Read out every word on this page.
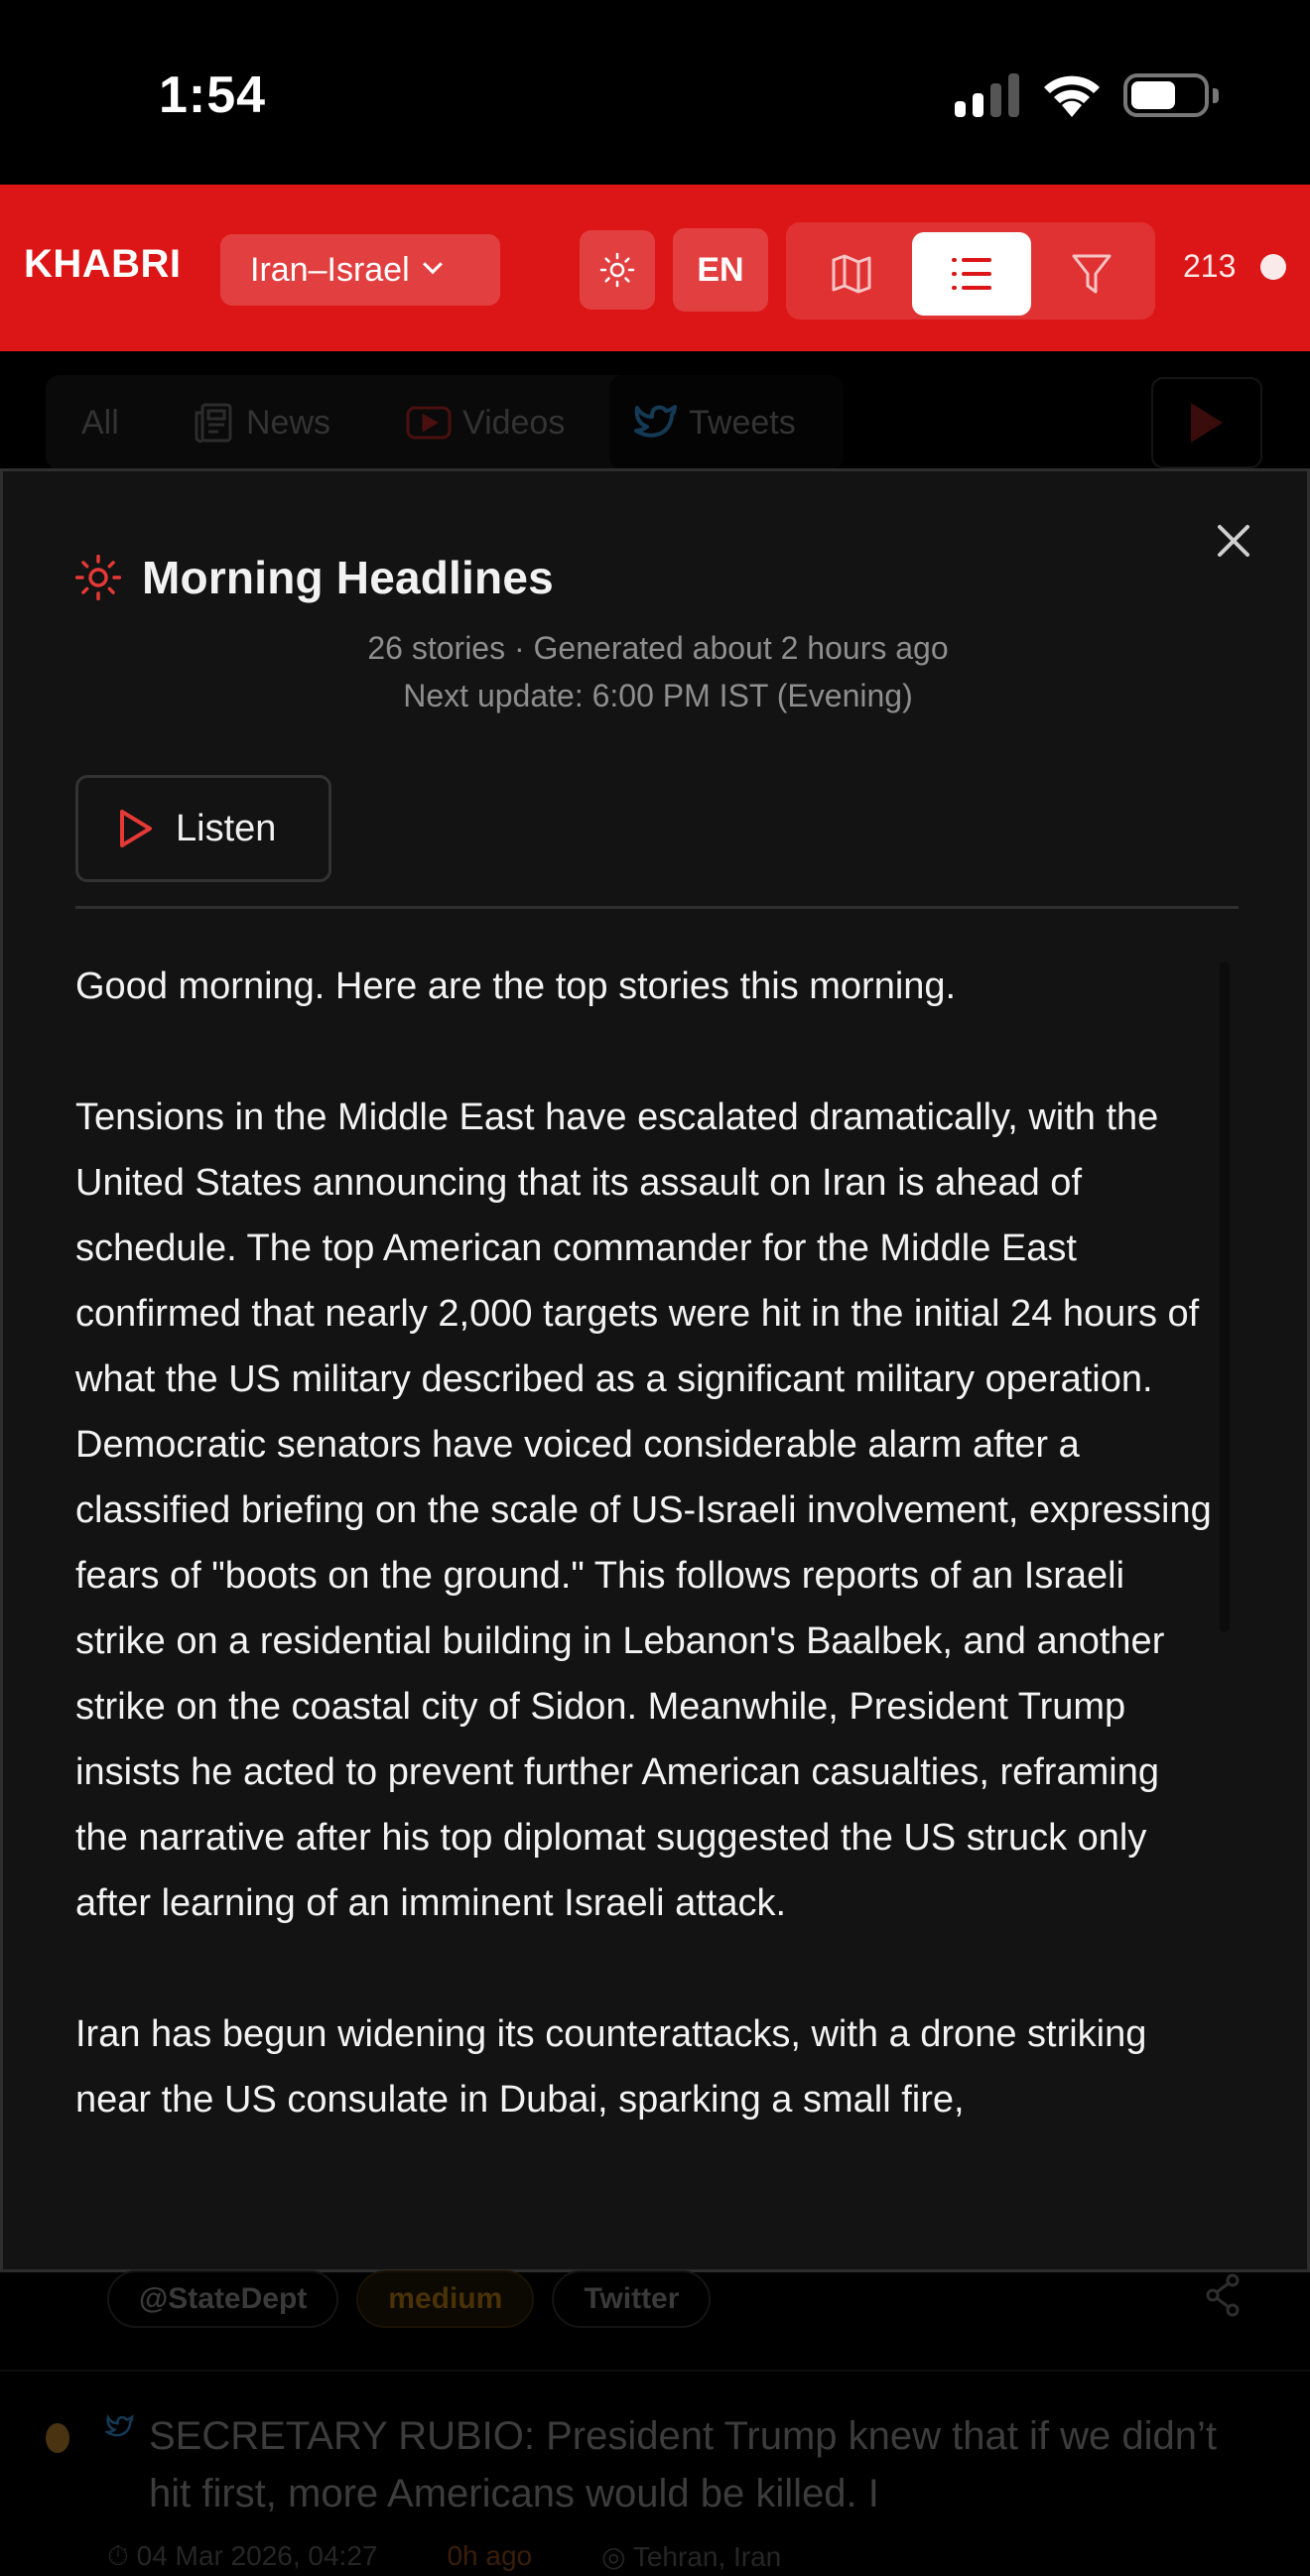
1:54
KHABRI Iran–Israel	EN	213
All	News	Videos	Tweets
Morning Headlines
26 stories · Generated about 2 hours ago
Next update: 6:00 PM IST (Evening)
Listen

Good morning. Here are the top stories this morning.

Tensions in the Middle East have escalated dramatically, with the United States announcing that its assault on Iran is ahead of schedule. The top American commander for the Middle East confirmed that nearly 2,000 targets were hit in the initial 24 hours of what the US military described as a significant military operation. Democratic senators have voiced considerable alarm after a classified briefing on the scale of US-Israeli involvement, expressing fears of "boots on the ground." This follows reports of an Israeli strike on a residential building in Lebanon's Baalbek, and another strike on the coastal city of Sidon. Meanwhile, President Trump insists he acted to prevent further American casualties, reframing the narrative after his top diplomat suggested the US struck only after learning of an imminent Israeli attack.

Iran has begun widening its counterattacks, with a drone striking near the US consulate in Dubai, sparking a small fire,

@StateDept	medium	Twitter
SECRETARY RUBIO: President Trump knew that if we didn’t hit first, more Americans would be killed. I
⏱ 04 Mar 2026, 04:27	0h ago	◎ Tehran, Iran
